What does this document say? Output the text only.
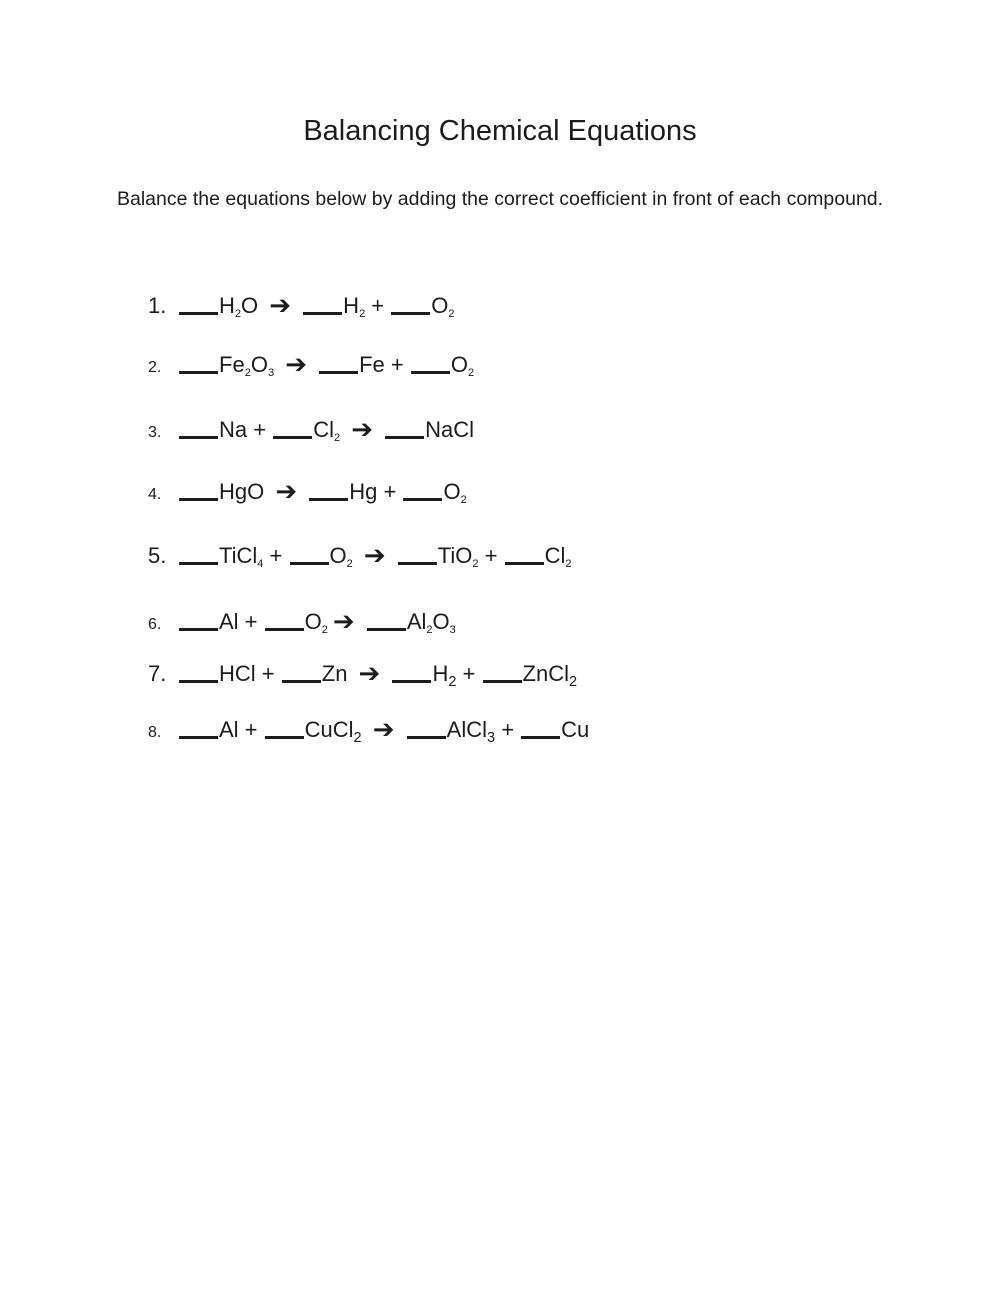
Balancing Chemical Equations
Balance the equations below by adding the correct coefficient in front of each compound.
1. H2O ➔ H2 + O2
2.	Fe2O3 ➔ Fe + O2
3.	Na + Cl2 ➔ NaCl
4.	HgO ➔ Hg + O2
5. TiCl4 + O2 ➔ TiO2 + Cl2
6.	Al + O2 ➔ Al2O3
7. HCl + Zn ➔ $H_2$ + ZnCl$_2$
8.	Al + CuCl$_2$ ➔ AlCl$_3$ + Cu
